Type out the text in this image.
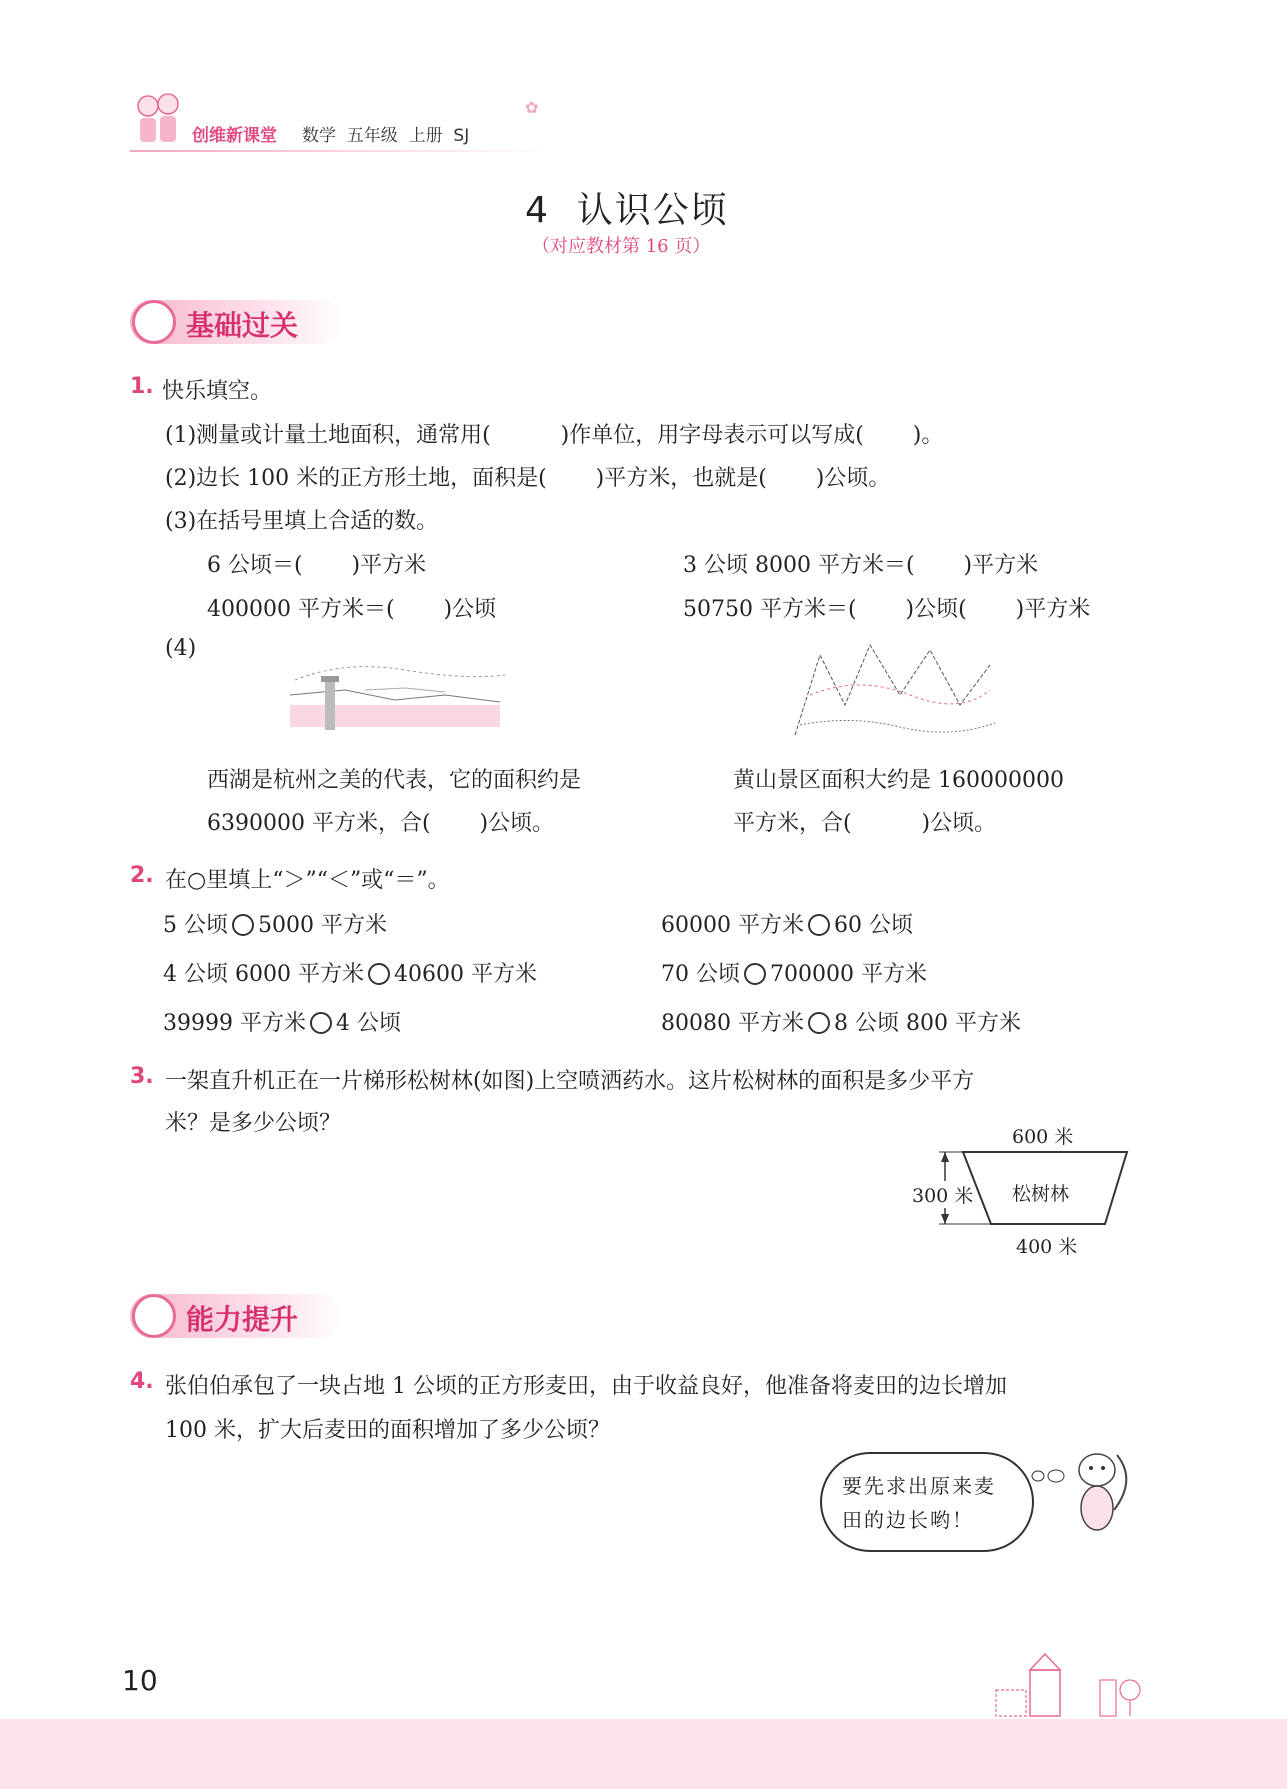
创维新课堂 数学  五年级  上册  SJ
✿
4  认识公顷
（对应教材第 16 页）
基础过关
1. 快乐填空。
(1)测量或计量土地面积，通常用(          )作单位，用字母表示可以写成(       )。
(2)边长 100 米的正方形土地，面积是(       )平方米，也就是(       )公顷。
(3)在括号里填上合适的数。
6 公顷＝(       )平方米	3 公顷 8000 平方米＝(       )平方米
400000 平方米＝(       )公顷	50750 平方米＝(       )公顷(       )平方米
(4)
西湖是杭州之美的代表，它的面积约是
6390000 平方米，合(       )公顷。
黄山景区面积大约是 160000000
平方米，合(          )公顷。
2. 在○里填上“＞”“＜”或“＝”。
5 公顷 5000 平方米	60000 平方米 60 公顷
4 公顷 6000 平方米 40600 平方米	70 公顷 700000 平方米
39999 平方米 4 公顷	80080 平方米 8 公顷 800 平方米
3. 一架直升机正在一片梯形松树林(如图)上空喷洒药水。这片松树林的面积是多少平方
米？是多少公顷？
600 米
300 米 松树林
400 米
能力提升
4. 张伯伯承包了一块占地 1 公顷的正方形麦田，由于收益良好，他准备将麦田的边长增加
100 米，扩大后麦田的面积增加了多少公顷？
要先求出原来麦
田的边长哟！
10
